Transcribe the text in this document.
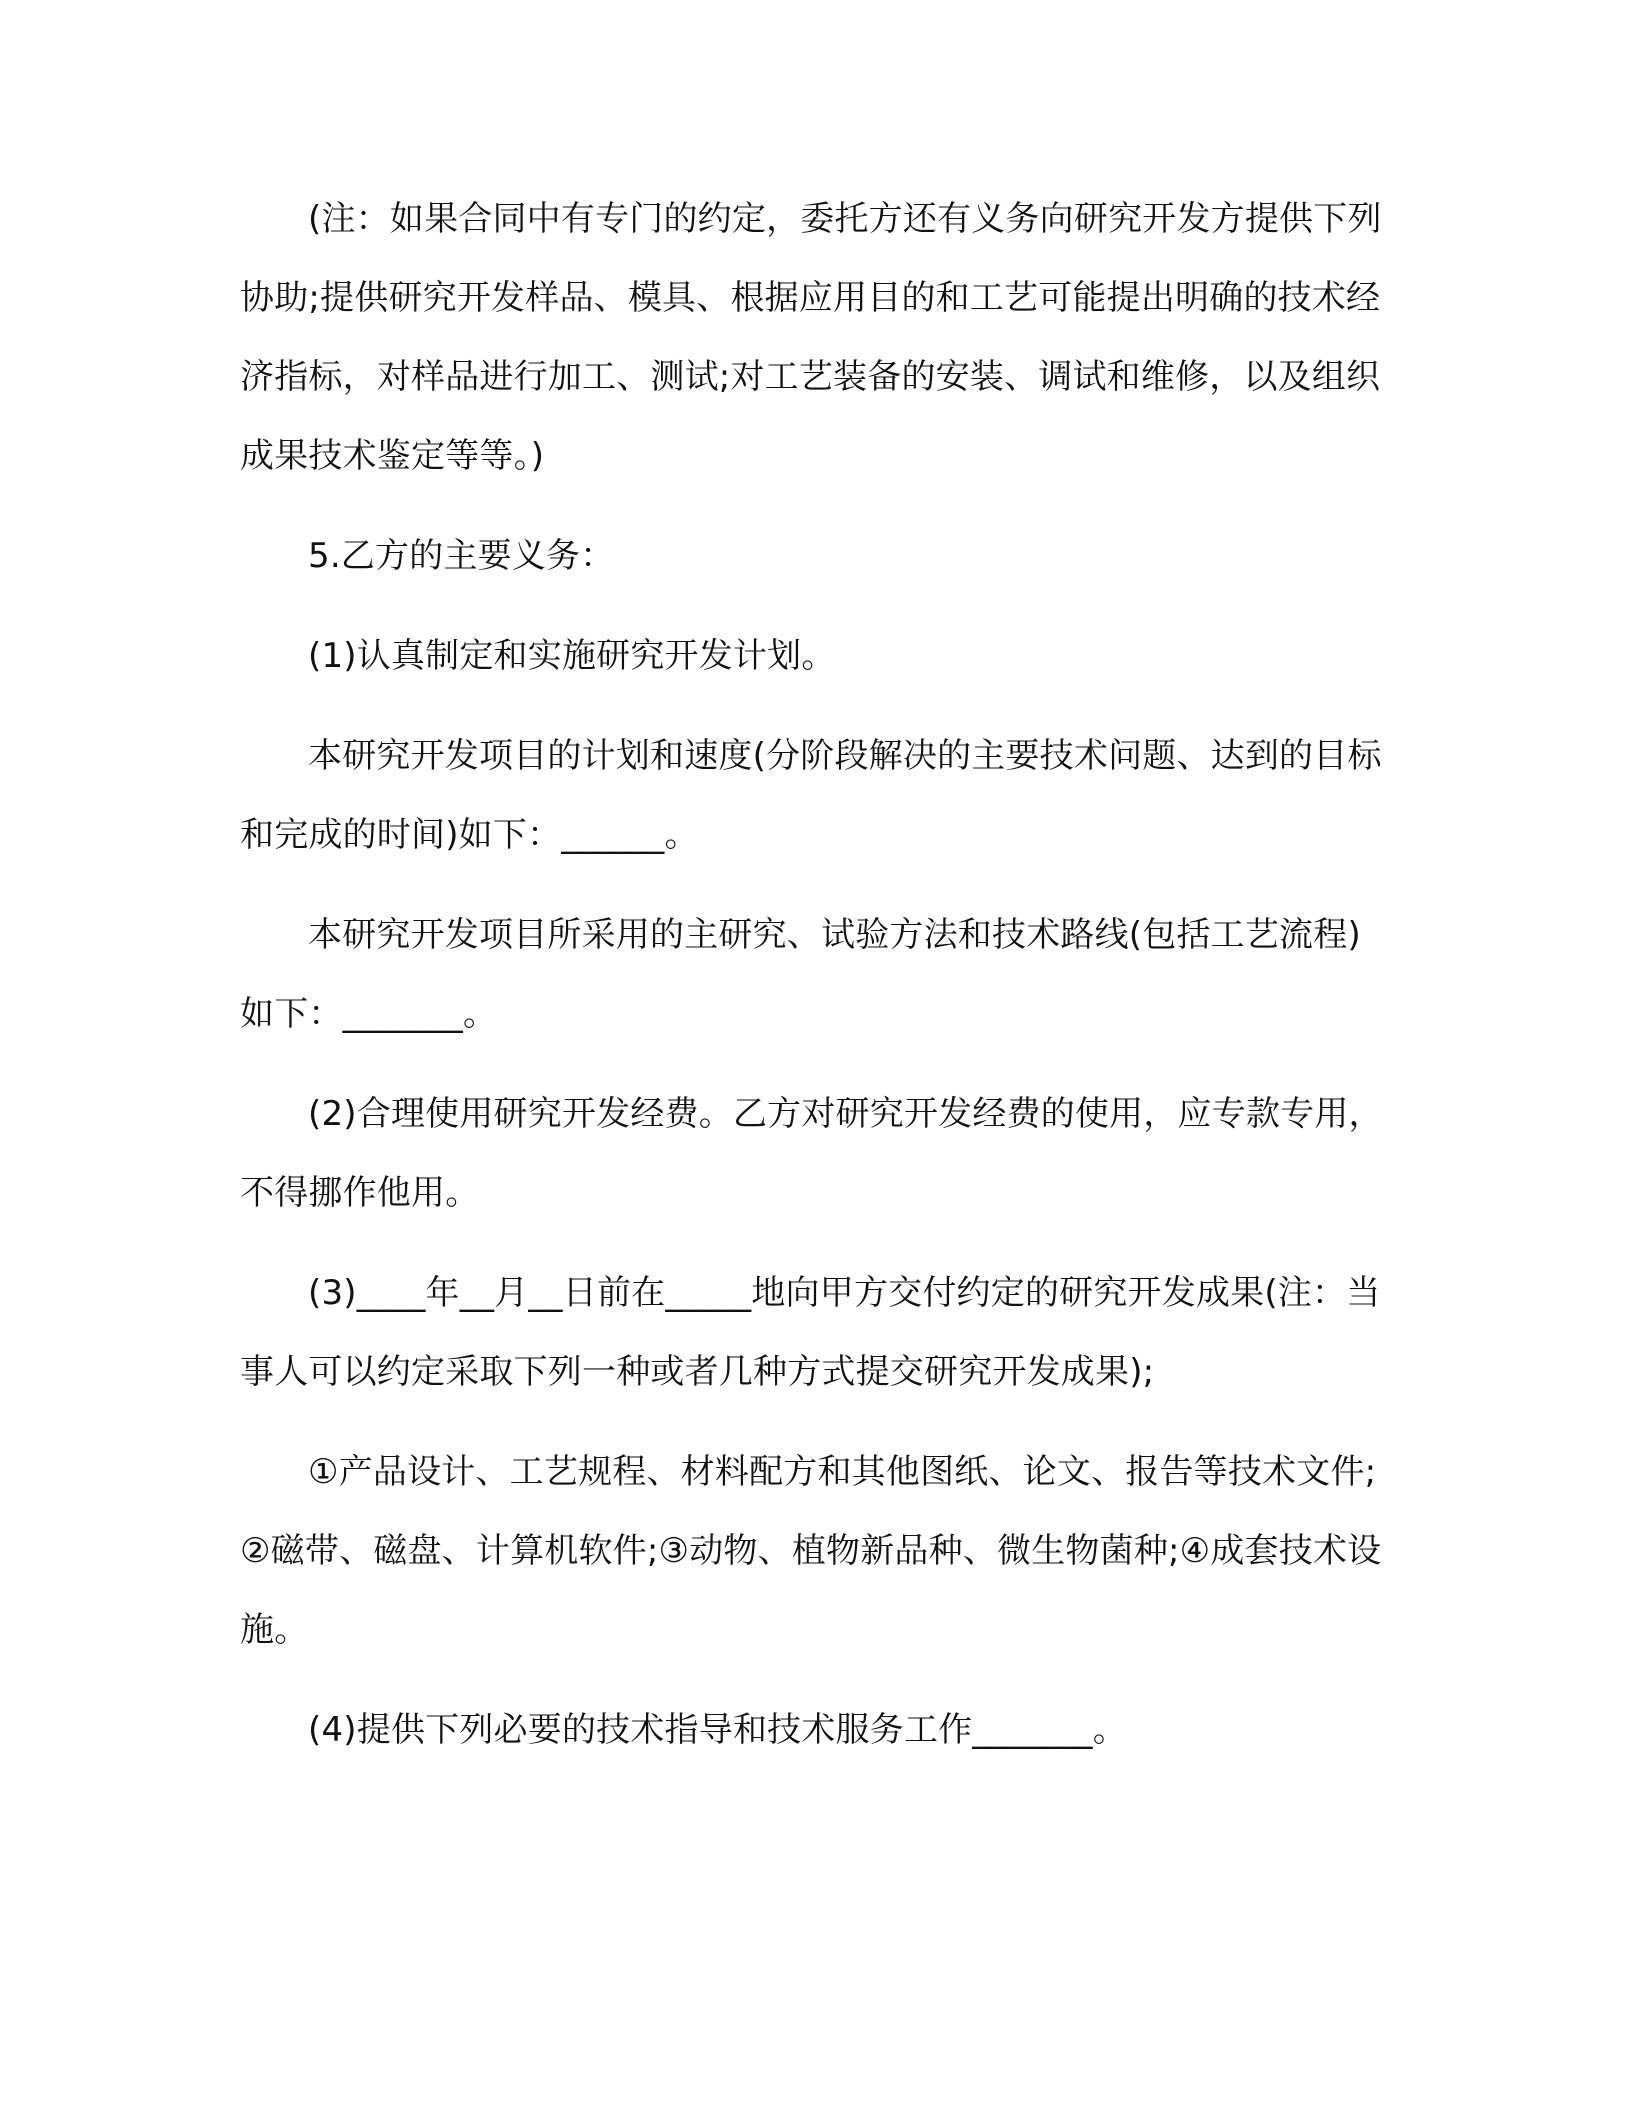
(注：如果合同中有专门的约定，委托方还有义务向研究开发方提供下列协助;提供研究开发样品、模具、根据应用目的和工艺可能提出明确的技术经济指标，对样品进行加工、测试;对工艺装备的安装、调试和维修，以及组织成果技术鉴定等等。)

5.乙方的主要义务：

(1)认真制定和实施研究开发计划。

本研究开发项目的计划和速度(分阶段解决的主要技术问题、达到的目标和完成的时间)如下：______。

本研究开发项目所采用的主研究、试验方法和技术路线(包括工艺流程)如下：_______。

(2)合理使用研究开发经费。乙方对研究开发经费的使用，应专款专用，不得挪作他用。

(3)____年__月__日前在_____地向甲方交付约定的研究开发成果(注：当事人可以约定采取下列一种或者几种方式提交研究开发成果);

①产品设计、工艺规程、材料配方和其他图纸、论文、报告等技术文件;②磁带、磁盘、计算机软件;③动物、植物新品种、微生物菌种;④成套技术设施。

(4)提供下列必要的技术指导和技术服务工作_______。
